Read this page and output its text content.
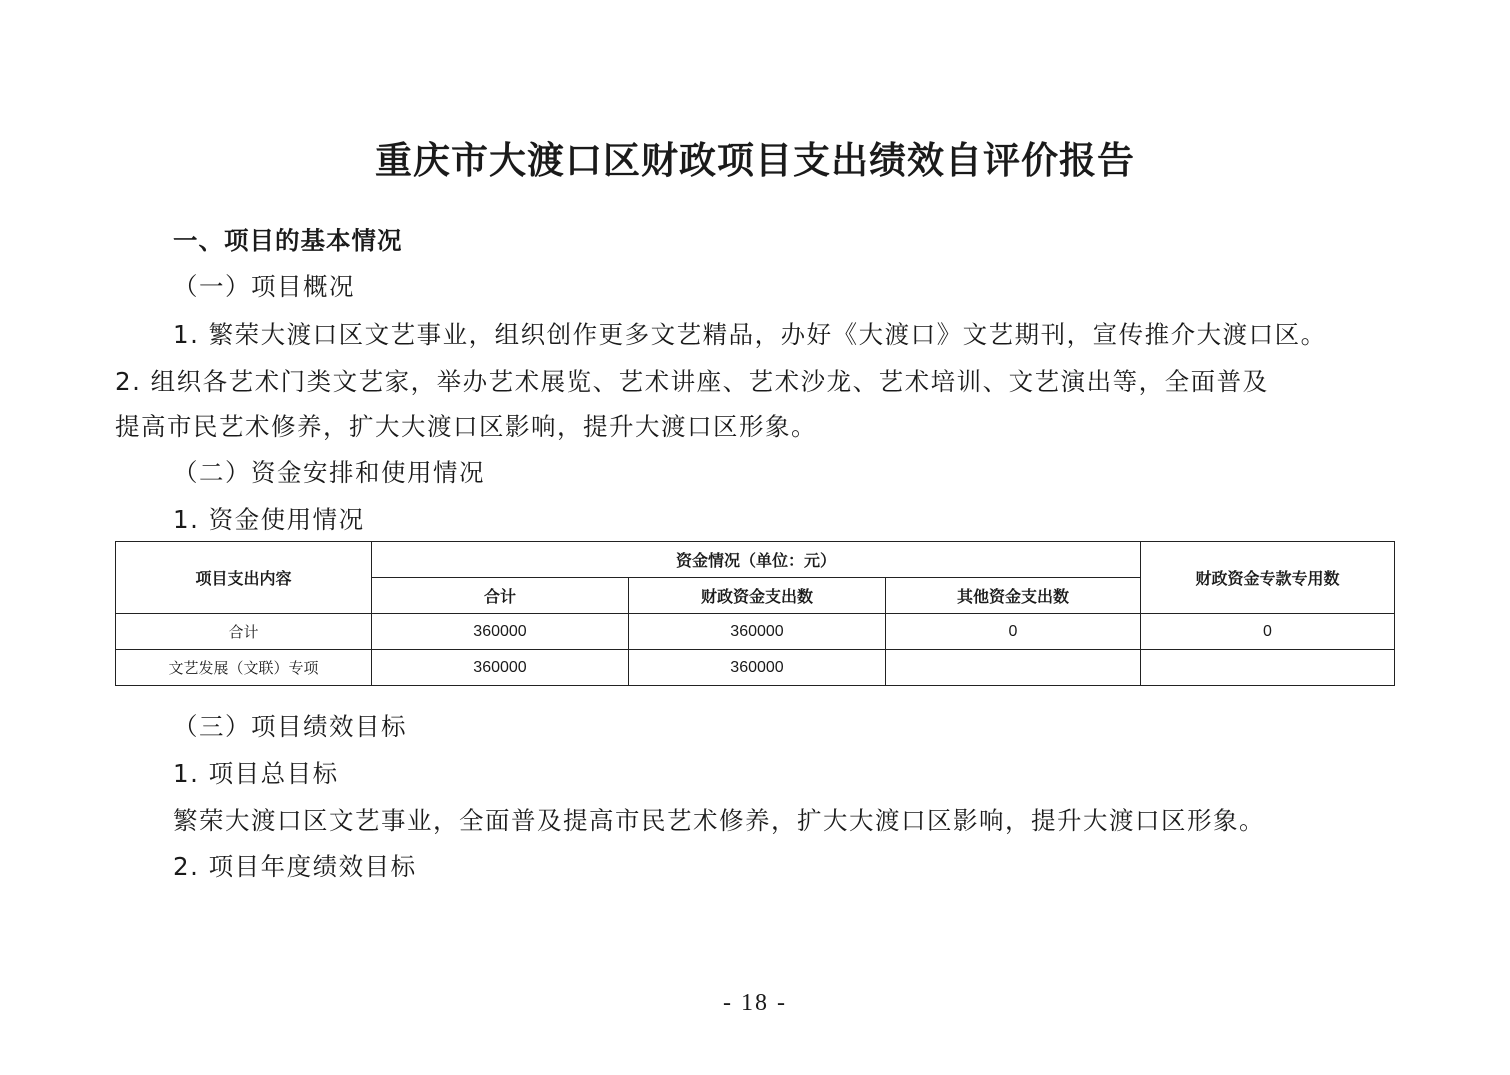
重庆市大渡口区财政项目支出绩效自评价报告
一、项目的基本情况
（一）项目概况
1. 繁荣大渡口区文艺事业，组织创作更多文艺精品，办好《大渡口》文艺期刊，宣传推介大渡口区。
2. 组织各艺术门类文艺家，举办艺术展览、艺术讲座、艺术沙龙、艺术培训、文艺演出等，全面普及
提高市民艺术修养，扩大大渡口区影响，提升大渡口区形象。
（二）资金安排和使用情况
1. 资金使用情况
项目支出内容	资金情况（单位：元）			财政资金专款专用数
	合计	财政资金支出数	其他资金支出数	
合计	360000	360000	0	0
文艺发展（文联）专项	360000	360000		
（三）项目绩效目标
1. 项目总目标
繁荣大渡口区文艺事业，全面普及提高市民艺术修养，扩大大渡口区影响，提升大渡口区形象。
2. 项目年度绩效目标
- 18 -
